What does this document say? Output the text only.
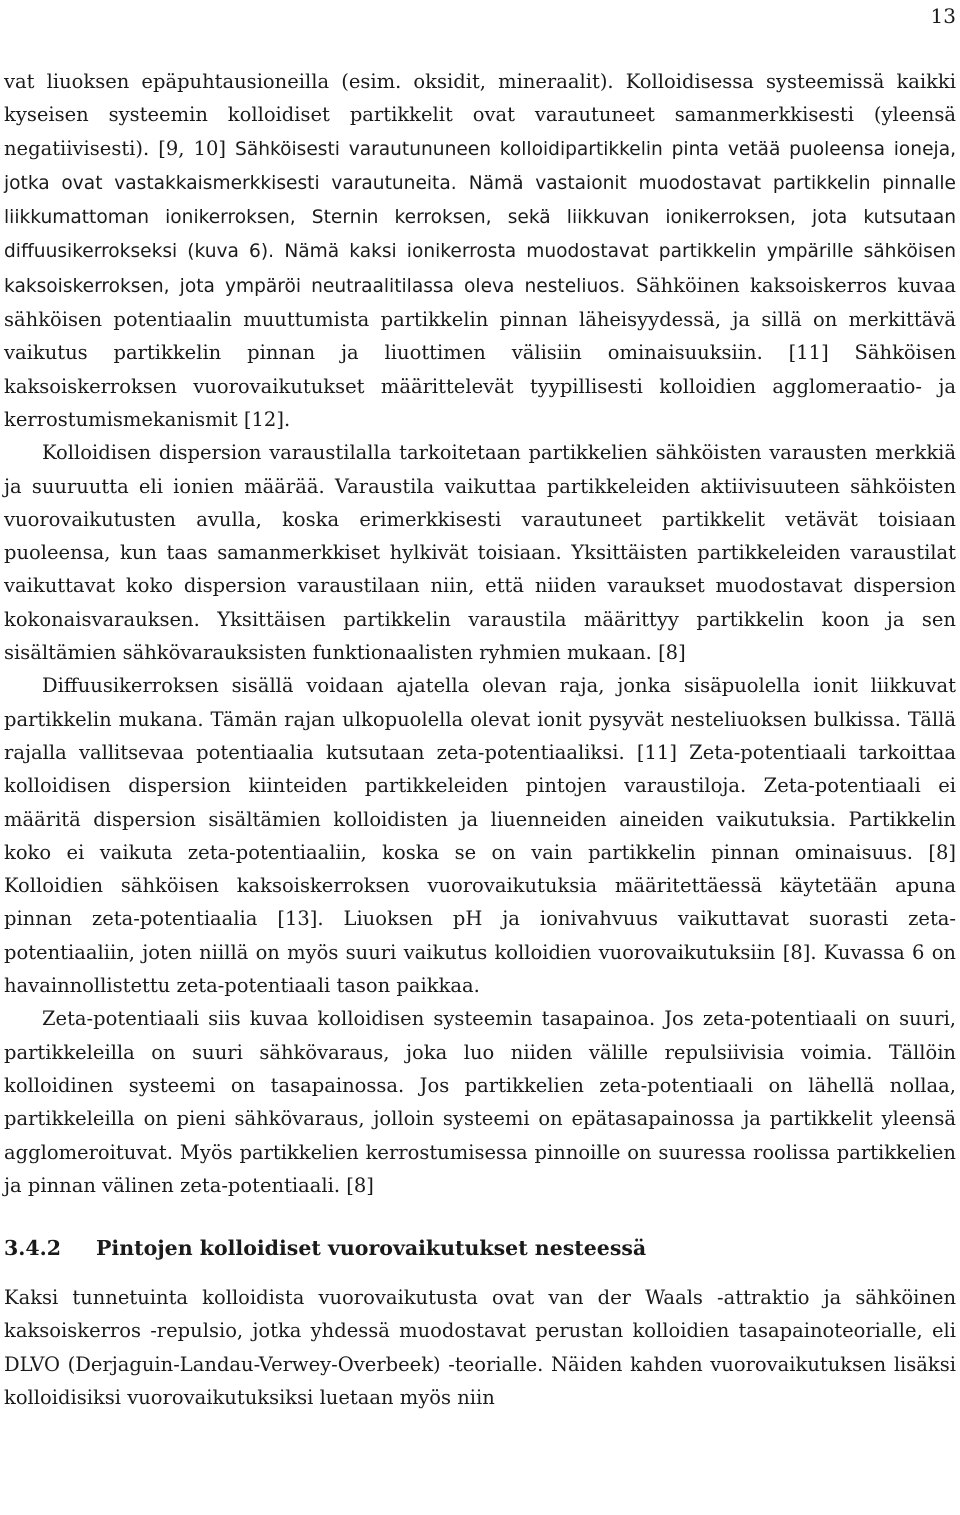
13

vat liuoksen epäpuhtausioneilla (esim. oksidit, mineraalit). Kolloidisessa systeemissä kaikki kyseisen systeemin kolloidiset partikkelit ovat varautuneet samanmerkkisesti (yleensä negatiivisesti). [9, 10] Sähköisesti varautununeen kolloidipartikkelin pinta vetää puoleensa ioneja, jotka ovat vastakkaismerkkisesti varautuneita. Nämä vastaionit muodostavat partikkelin pinnalle liikkumattoman ionikerroksen, Sternin kerroksen, sekä liikkuvan ionikerroksen, jota kutsutaan diffuusikerrokseksi (kuva 6). Nämä kaksi ionikerrosta muodostavat partikkelin ympärille sähköisen kaksoiskerroksen, jota ympäröi neutraalitilassa oleva nesteliuos. Sähköinen kaksoiskerros kuvaa sähköisen potentiaalin muuttumista partikkelin pinnan läheisyydessä, ja sillä on merkittävä vaikutus partikkelin pinnan ja liuottimen välisiin ominaisuuksiin. [11] Sähköisen kaksoiskerroksen vuorovaikutukset määrittelevät tyypillisesti kolloidien agglomeraatio- ja kerrostumismekanismit [12].

Kolloidisen dispersion varaustilalla tarkoitetaan partikkelien sähköisten varausten merkkiä ja suuruutta eli ionien määrää. Varaustila vaikuttaa partikkeleiden aktiivisuuteen sähköisten vuorovaikutusten avulla, koska erimerkkisesti varautuneet partikkelit vetävät toisiaan puoleensa, kun taas samanmerkkiset hylkivät toisiaan. Yksittäisten partikkeleiden varaustilat vaikuttavat koko dispersion varaustilaan niin, että niiden varaukset muodostavat dispersion kokonaisvarauksen. Yksittäisen partikkelin varaustila määrittyy partikkelin koon ja sen sisältämien sähkövarauksisten funktionaalisten ryhmien mukaan. [8]

Diffuusikerroksen sisällä voidaan ajatella olevan raja, jonka sisäpuolella ionit liikkuvat partikkelin mukana. Tämän rajan ulkopuolella olevat ionit pysyvät nesteliuoksen bulkissa. Tällä rajalla vallitsevaa potentiaalia kutsutaan zeta-potentiaaliksi. [11] Zeta-potentiaali tarkoittaa kolloidisen dispersion kiinteiden partikkeleiden pintojen varaustiloja. Zeta-potentiaali ei määritä dispersion sisältämien kolloidisten ja liuenneiden aineiden vaikutuksia. Partikkelin koko ei vaikuta zeta-potentiaaliin, koska se on vain partikkelin pinnan ominaisuus. [8] Kolloidien sähköisen kaksoiskerroksen vuorovaikutuksia määritettäessä käytetään apuna pinnan zeta-potentiaalia [13]. Liuoksen pH ja ionivahvuus vaikuttavat suorasti zeta-potentiaaliin, joten niillä on myös suuri vaikutus kolloidien vuorovaikutuksiin [8]. Kuvassa 6 on havainnollistettu zeta-potentiaali tason paikkaa.

Zeta-potentiaali siis kuvaa kolloidisen systeemin tasapainoa. Jos zeta-potentiaali on suuri, partikkeleilla on suuri sähkövaraus, joka luo niiden välille repulsiivisia voimia. Tällöin kolloidinen systeemi on tasapainossa. Jos partikkelien zeta-potentiaali on lähellä nollaa, partikkeleilla on pieni sähkövaraus, jolloin systeemi on epätasapainossa ja partikkelit yleensä agglomeroituvat. Myös partikkelien kerrostumisessa pinnoille on suuressa roolissa partikkelien ja pinnan välinen zeta-potentiaali. [8]

3.4.2 Pintojen kolloidiset vuorovaikutukset nesteessä

Kaksi tunnetuinta kolloidista vuorovaikutusta ovat van der Waals -attraktio ja sähköinen kaksoiskerros -repulsio, jotka yhdessä muodostavat perustan kolloidien tasapainoteorialle, eli DLVO (Derjaguin-Landau-Verwey-Overbeek) -teorialle. Näiden kahden vuorovaikutuksen lisäksi kolloidisiksi vuorovaikutuksiksi luetaan myös niin
